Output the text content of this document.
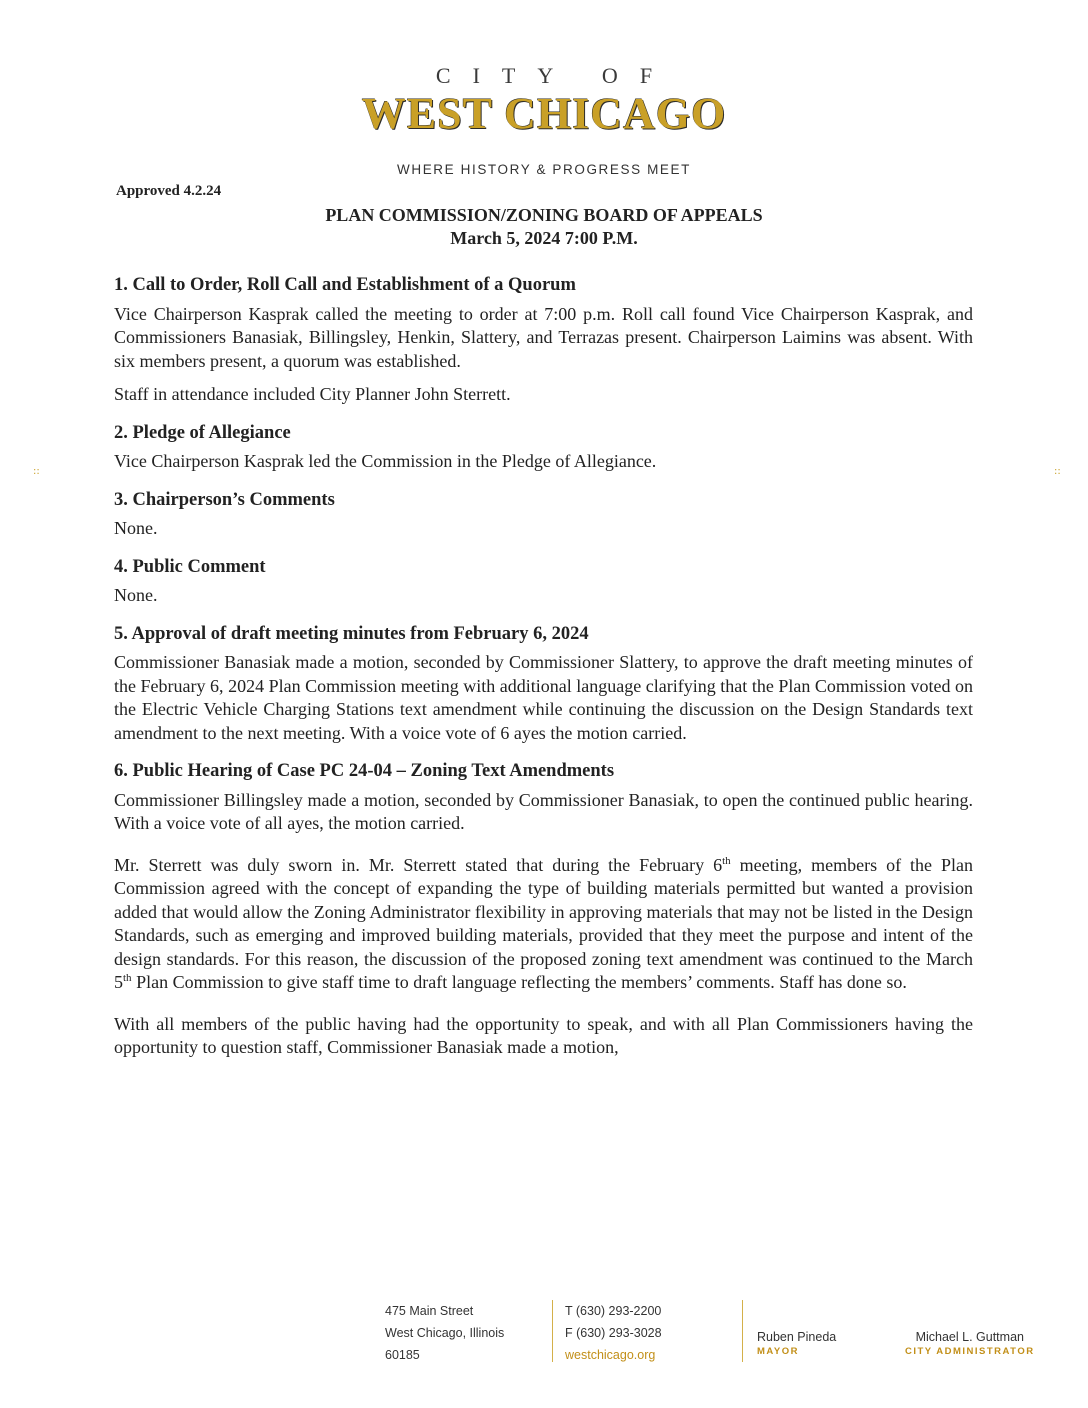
CITY OF
WEST CHICAGO
WHERE HISTORY & PROGRESS MEET
Approved 4.2.24
PLAN COMMISSION/ZONING BOARD OF APPEALS
March 5, 2024 7:00 P.M.
::	::
1. Call to Order, Roll Call and Establishment of a Quorum

Vice Chairperson Kasprak called the meeting to order at 7:00 p.m. Roll call found Vice Chairperson Kasprak, and Commissioners Banasiak, Billingsley, Henkin, Slattery, and Terrazas present. Chairperson Laimins was absent. With six members present, a quorum was established.

Staff in attendance included City Planner John Sterrett.

2. Pledge of Allegiance

Vice Chairperson Kasprak led the Commission in the Pledge of Allegiance.

3. Chairperson’s Comments

None.

4. Public Comment

None.

5. Approval of draft meeting minutes from February 6, 2024

Commissioner Banasiak made a motion, seconded by Commissioner Slattery, to approve the draft meeting minutes of the February 6, 2024 Plan Commission meeting with additional language clarifying that the Plan Commission voted on the Electric Vehicle Charging Stations text amendment while continuing the discussion on the Design Standards text amendment to the next meeting. With a voice vote of 6 ayes the motion carried.

6. Public Hearing of Case PC 24-04 – Zoning Text Amendments

Commissioner Billingsley made a motion, seconded by Commissioner Banasiak, to open the continued public hearing. With a voice vote of all ayes, the motion carried.

Mr. Sterrett was duly sworn in. Mr. Sterrett stated that during the February 6th meeting, members of the Plan Commission agreed with the concept of expanding the type of building materials permitted but wanted a provision added that would allow the Zoning Administrator flexibility in approving materials that may not be listed in the Design Standards, such as emerging and improved building materials, provided that they meet the purpose and intent of the design standards. For this reason, the discussion of the proposed zoning text amendment was continued to the March 5th Plan Commission to give staff time to draft language reflecting the members’ comments. Staff has done so.

With all members of the public having had the opportunity to speak, and with all Plan Commissioners having the opportunity to question staff, Commissioner Banasiak made a motion,

475 Main Street
West Chicago, Illinois
60185
T (630) 293-2200
F (630) 293-3028
westchicago.org
Ruben Pineda
MAYOR
Michael L. Guttman
CITY ADMINISTRATOR
